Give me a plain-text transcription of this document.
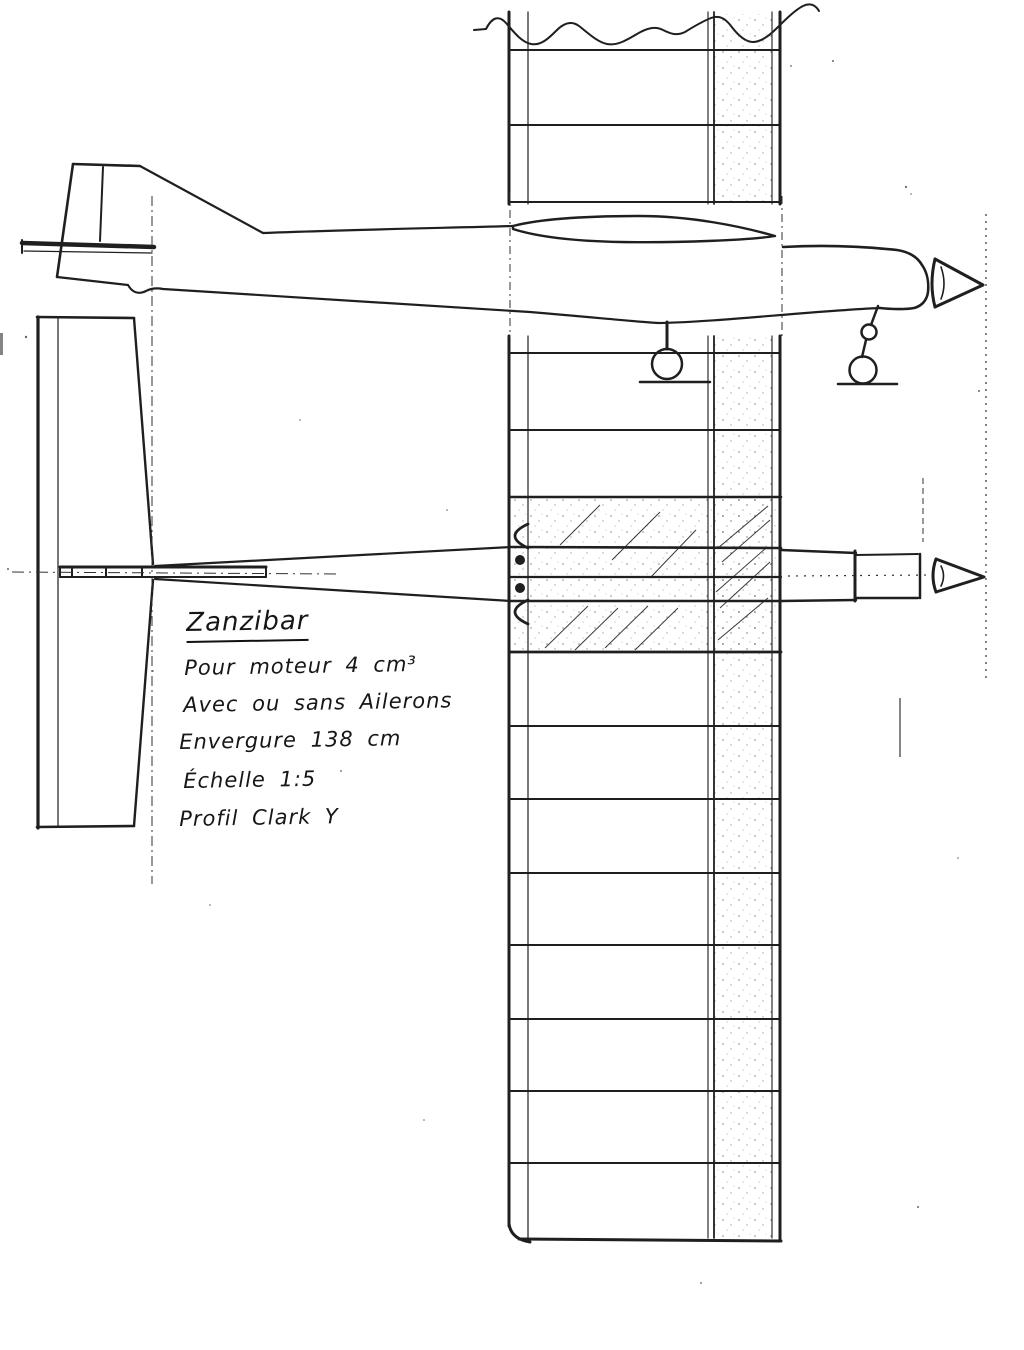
Zanzibar
Pour moteur 4 cm³
Avec ou sans Ailerons
Envergure 138 cm
Échelle 1:5
Profil Clark Y
